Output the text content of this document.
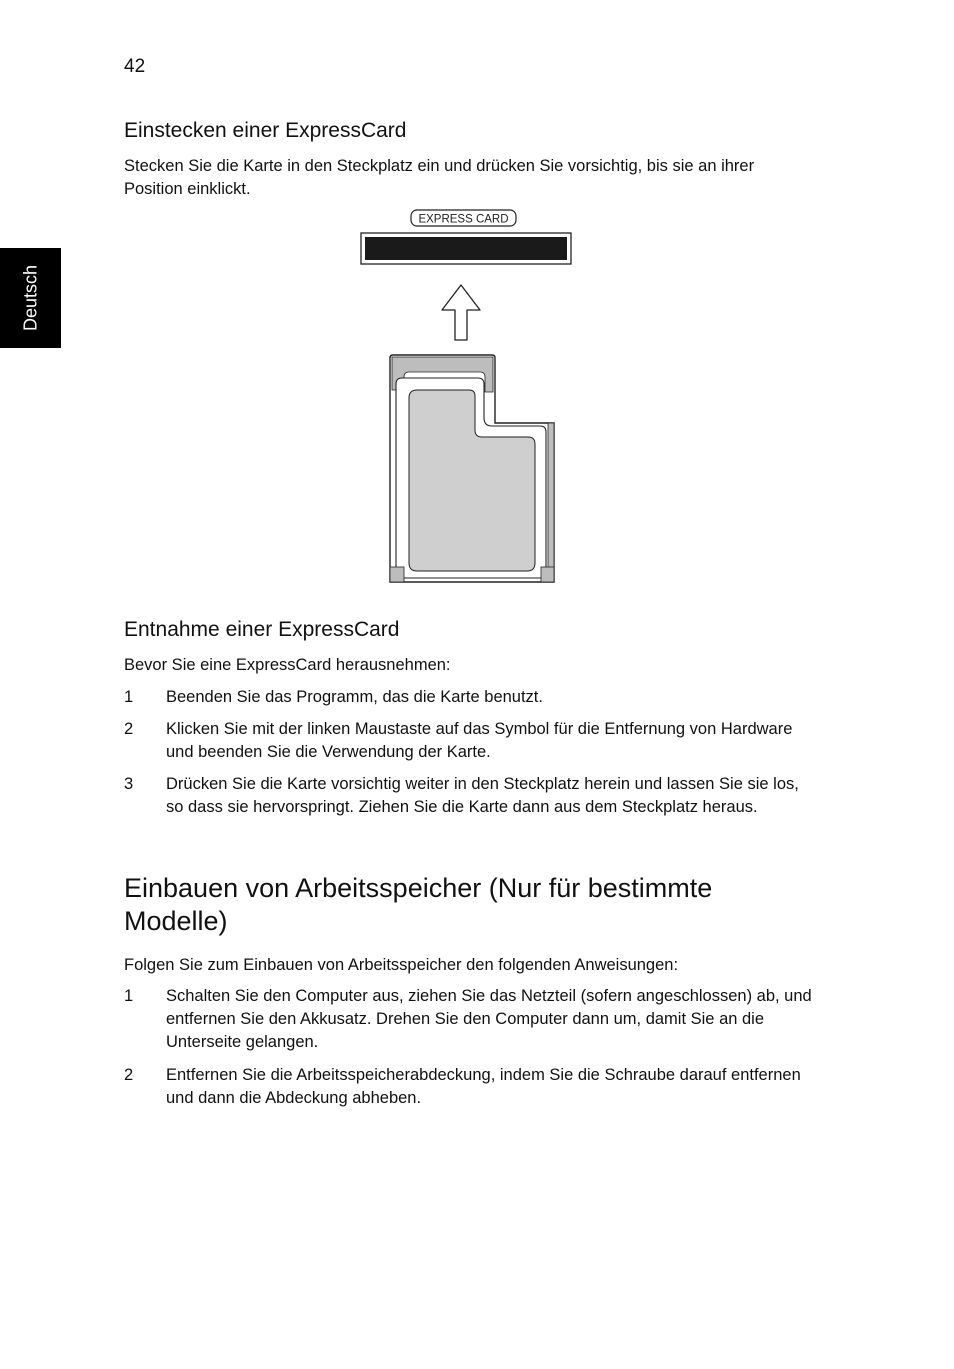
42
Deutsch
Einstecken einer ExpressCard
Stecken Sie die Karte in den Steckplatz ein und drücken Sie vorsichtig, bis sie an ihrer Position einklickt.
EXPRESS CARD
Entnahme einer ExpressCard
Bevor Sie eine ExpressCard herausnehmen:
1 Beenden Sie das Programm, das die Karte benutzt.
2 Klicken Sie mit der linken Maustaste auf das Symbol für die Entfernung von Hardware und beenden Sie die Verwendung der Karte.
3 Drücken Sie die Karte vorsichtig weiter in den Steckplatz herein und lassen Sie sie los, so dass sie hervorspringt. Ziehen Sie die Karte dann aus dem Steckplatz heraus.
Einbauen von Arbeitsspeicher (Nur für bestimmte Modelle)
Folgen Sie zum Einbauen von Arbeitsspeicher den folgenden Anweisungen:
1 Schalten Sie den Computer aus, ziehen Sie das Netzteil (sofern angeschlossen) ab, und entfernen Sie den Akkusatz. Drehen Sie den Computer dann um, damit Sie an die Unterseite gelangen.
2 Entfernen Sie die Arbeitsspeicherabdeckung, indem Sie die Schraube darauf entfernen und dann die Abdeckung abheben.
